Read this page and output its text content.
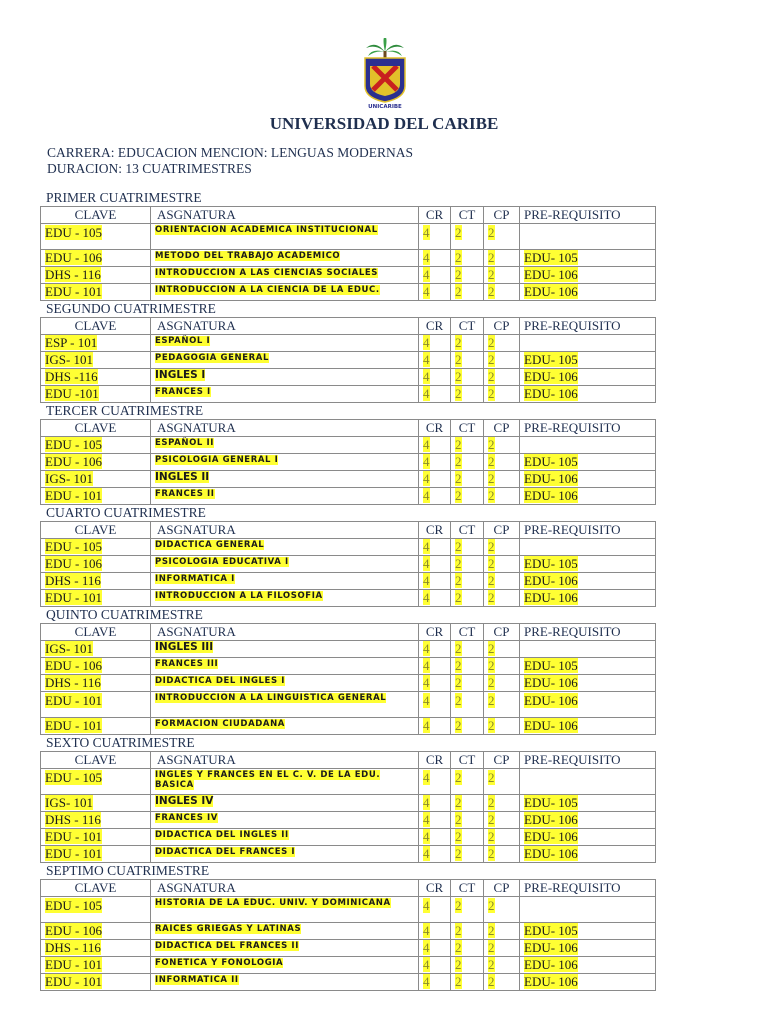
UNICARIBE
UNIVERSIDAD DEL CARIBE
CARRERA: EDUCACION MENCION: LENGUAS MODERNAS
DURACION: 13 CUATRIMESTRES
PRIMER CUATRIMESTRE
CLAVE	ASGNATURA	CR	CT	CP	PRE-REQUISITO
EDU - 105	ORIENTACION ACADEMICA INSTITUCIONAL	4	2	2	
EDU - 106	METODO DEL TRABAJO ACADEMICO	4	2	2	EDU- 105
DHS - 116	INTRODUCCION A LAS CIENCIAS SOCIALES	4	2	2	EDU- 106
EDU - 101	INTRODUCCION A LA CIENCIA DE LA EDUC.	4	2	2	EDU- 106
SEGUNDO CUATRIMESTRE
CLAVE	ASGNATURA	CR	CT	CP	PRE-REQUISITO
ESP - 101	ESPAÑOL I	4	2	2	
IGS- 101	PEDAGOGIA GENERAL	4	2	2	EDU- 105
DHS -116	INGLES I	4	2	2	EDU- 106
EDU -101	FRANCES I	4	2	2	EDU- 106
TERCER CUATRIMESTRE
CLAVE	ASGNATURA	CR	CT	CP	PRE-REQUISITO
EDU - 105	ESPAÑOL II	4	2	2	
EDU - 106	PSICOLOGIA GENERAL I	4	2	2	EDU- 105
IGS- 101	INGLES II	4	2	2	EDU- 106
EDU - 101	FRANCES II	4	2	2	EDU- 106
CUARTO CUATRIMESTRE
CLAVE	ASGNATURA	CR	CT	CP	PRE-REQUISITO
EDU - 105	DIDACTICA GENERAL	4	2	2	
EDU - 106	PSICOLOGIA EDUCATIVA I	4	2	2	EDU- 105
DHS - 116	INFORMATICA I	4	2	2	EDU- 106
EDU - 101	INTRODUCCION A LA FILOSOFIA	4	2	2	EDU- 106
QUINTO CUATRIMESTRE
CLAVE	ASGNATURA	CR	CT	CP	PRE-REQUISITO
IGS- 101	INGLES III	4	2	2	
EDU - 106	FRANCES III	4	2	2	EDU- 105
DHS - 116	DIDACTICA DEL INGLES I	4	2	2	EDU- 106
EDU - 101	INTRODUCCION A LA LINGUISTICA GENERAL	4	2	2	EDU- 106
EDU - 101	FORMACION CIUDADANA	4	2	2	EDU- 106
SEXTO CUATRIMESTRE
CLAVE	ASGNATURA	CR	CT	CP	PRE-REQUISITO
EDU - 105	INGLES Y FRANCES EN EL C. V. DE LA EDU. BASICA	4	2	2	
IGS- 101	INGLES IV	4	2	2	EDU- 105
DHS - 116	FRANCES IV	4	2	2	EDU- 106
EDU - 101	DIDACTICA DEL INGLES II	4	2	2	EDU- 106
EDU - 101	DIDACTICA DEL FRANCES I	4	2	2	EDU- 106
SEPTIMO CUATRIMESTRE
CLAVE	ASGNATURA	CR	CT	CP	PRE-REQUISITO
EDU - 105	HISTORIA DE LA EDUC. UNIV. Y DOMINICANA	4	2	2	
EDU - 106	RAICES GRIEGAS Y LATINAS	4	2	2	EDU- 105
DHS - 116	DIDACTICA DEL FRANCES II	4	2	2	EDU- 106
EDU - 101	FONETICA Y FONOLOGIA	4	2	2	EDU- 106
EDU - 101	INFORMATICA II	4	2	2	EDU- 106
